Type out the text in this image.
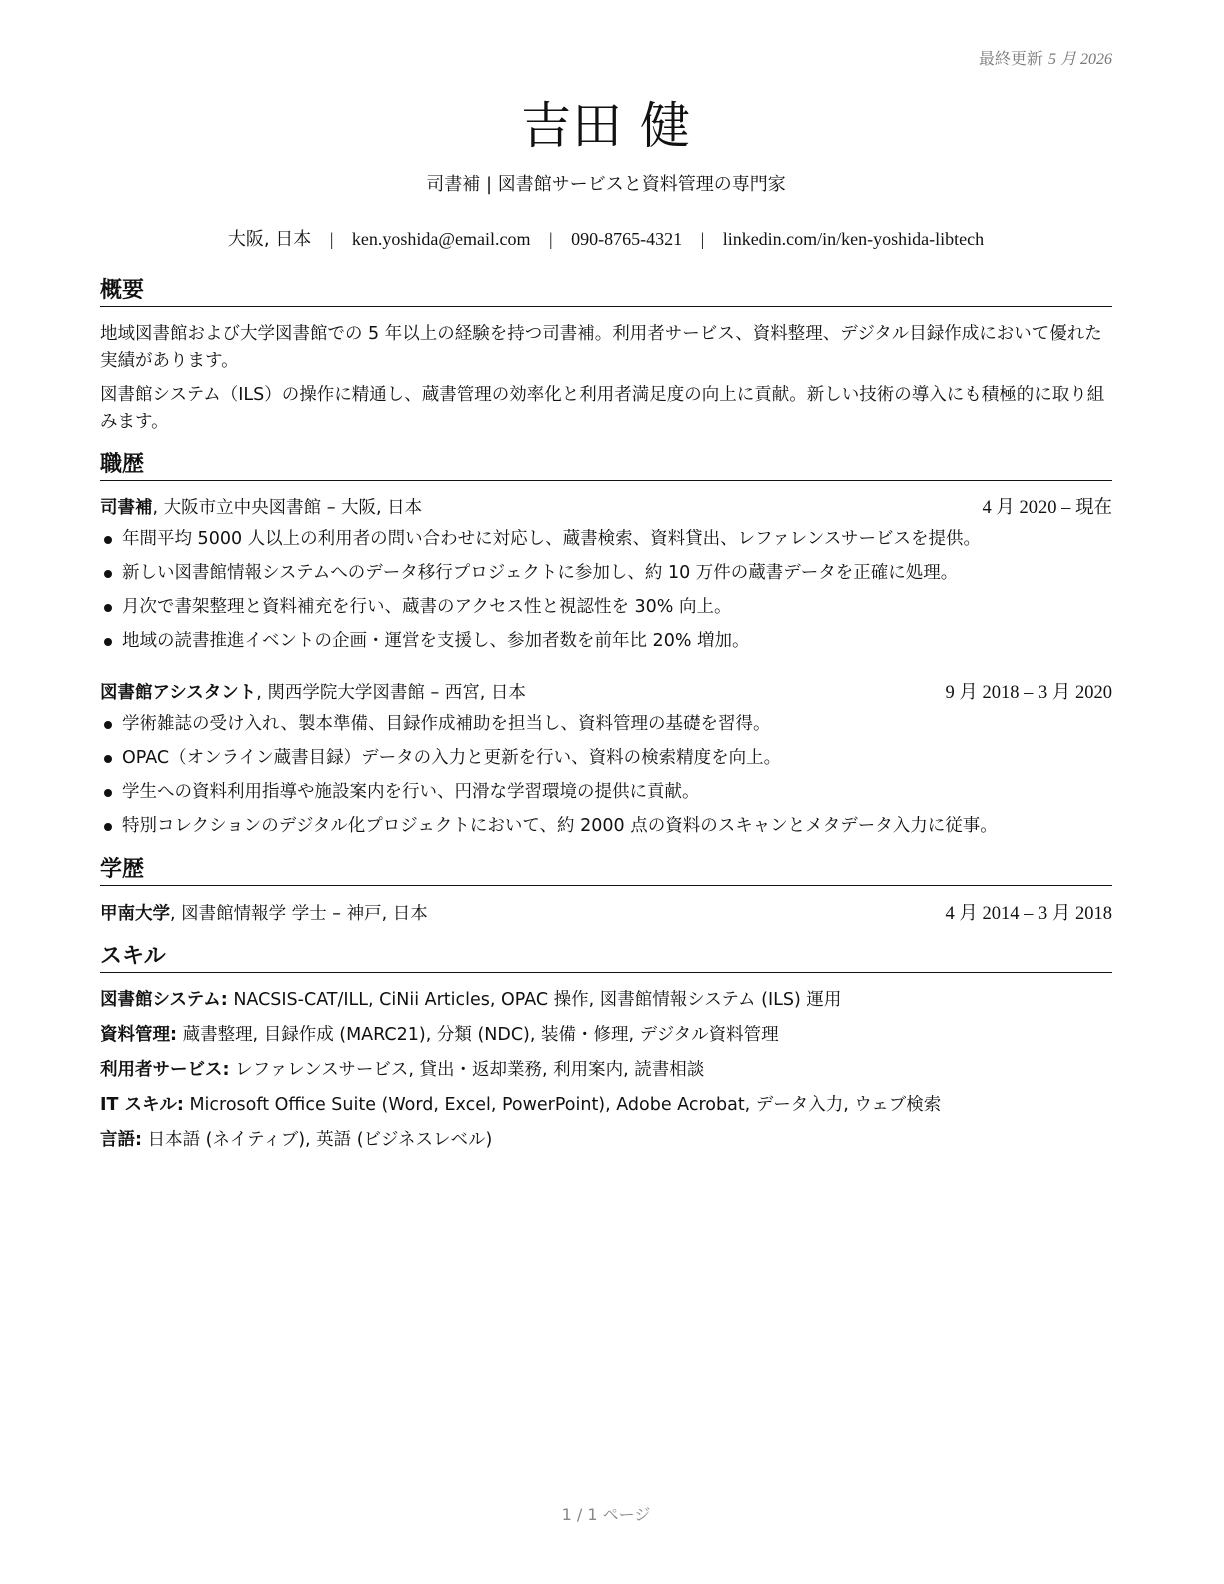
最終更新 5 月 2026
吉田 健
司書補 | 図書館サービスと資料管理の専門家
大阪, 日本 | ken.yoshida@email.com | 090-8765-4321 | linkedin.com/in/ken-yoshida-libtech
概要
地域図書館および大学図書館での 5 年以上の経験を持つ司書補。利用者サービス、資料整理、デジタル目録作成において優れた実績があります。
図書館システム（ILS）の操作に精通し、蔵書管理の効率化と利用者満足度の向上に貢献。新しい技術の導入にも積極的に取り組みます。
職歴
司書補, 大阪市立中央図書館 – 大阪, 日本	4 月 2020 – 現在
年間平均 5000 人以上の利用者の問い合わせに対応し、蔵書検索、資料貸出、レファレンスサービスを提供。
新しい図書館情報システムへのデータ移行プロジェクトに参加し、約 10 万件の蔵書データを正確に処理。
月次で書架整理と資料補充を行い、蔵書のアクセス性と視認性を 30% 向上。
地域の読書推進イベントの企画・運営を支援し、参加者数を前年比 20% 増加。
図書館アシスタント, 関西学院大学図書館 – 西宮, 日本	9 月 2018 – 3 月 2020
学術雑誌の受け入れ、製本準備、目録作成補助を担当し、資料管理の基礎を習得。
OPAC（オンライン蔵書目録）データの入力と更新を行い、資料の検索精度を向上。
学生への資料利用指導や施設案内を行い、円滑な学習環境の提供に貢献。
特別コレクションのデジタル化プロジェクトにおいて、約 2000 点の資料のスキャンとメタデータ入力に従事。
学歴
甲南大学, 図書館情報学 学士 – 神戸, 日本	4 月 2014 – 3 月 2018
スキル
図書館システム: NACSIS-CAT/ILL, CiNii Articles, OPAC 操作, 図書館情報システム (ILS) 運用
資料管理: 蔵書整理, 目録作成 (MARC21), 分類 (NDC), 装備・修理, デジタル資料管理
利用者サービス: レファレンスサービス, 貸出・返却業務, 利用案内, 読書相談
IT スキル: Microsoft Office Suite (Word, Excel, PowerPoint), Adobe Acrobat, データ入力, ウェブ検索
言語: 日本語 (ネイティブ), 英語 (ビジネスレベル)
1 / 1 ページ
